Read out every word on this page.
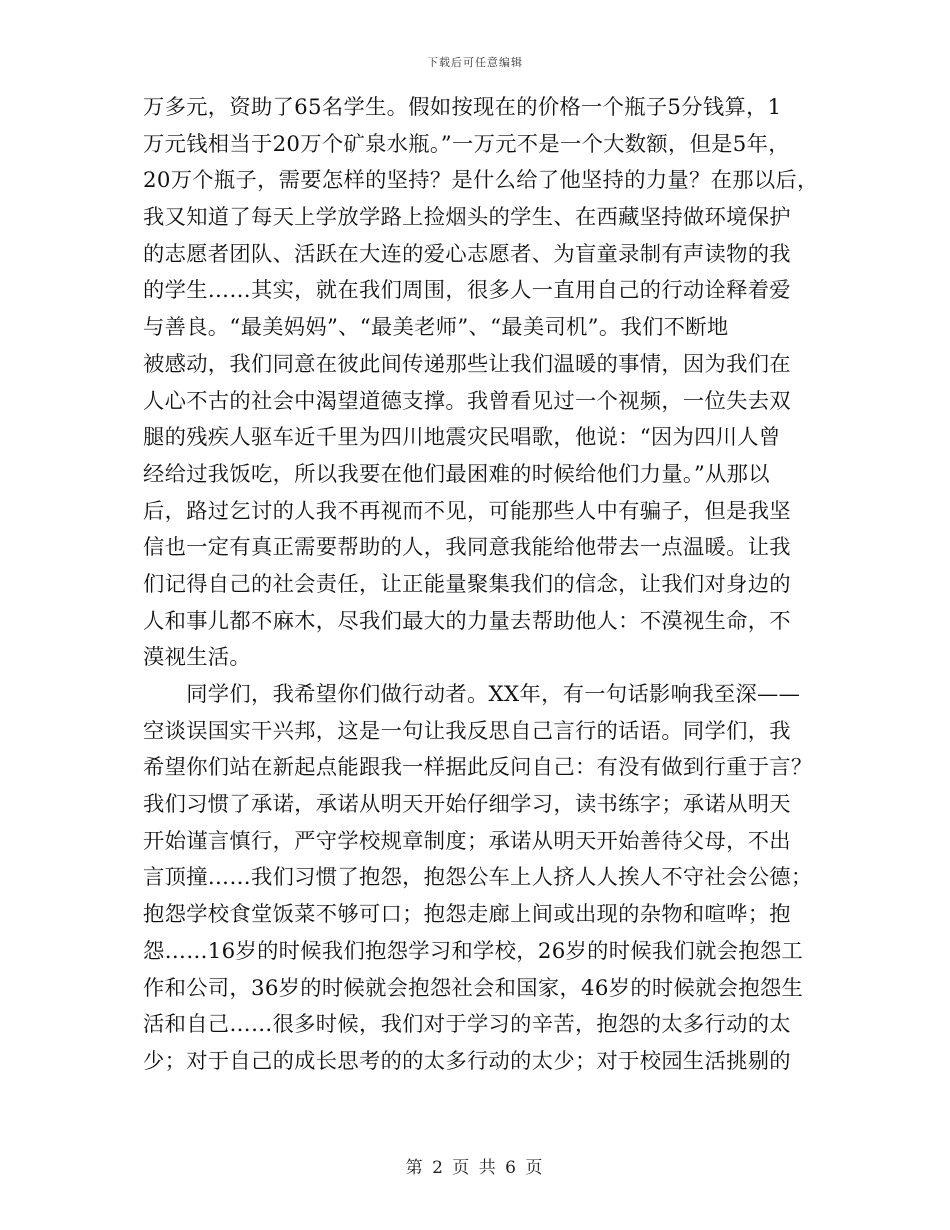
下载后可任意编辑
万多元，资助了65名学生。假如按现在的价格一个瓶子5分钱算，1
万元钱相当于20万个矿泉水瓶。”一万元不是一个大数额，但是5年，
20万个瓶子，需要怎样的坚持？是什么给了他坚持的力量？在那以后，
我又知道了每天上学放学路上捡烟头的学生、在西藏坚持做环境保护
的志愿者团队、活跃在大连的爱心志愿者、为盲童录制有声读物的我
的学生……其实，就在我们周围，很多人一直用自己的行动诠释着爱
与善良。“最美妈妈”、“最美老师”、“最美司机”。我们不断地
被感动，我们同意在彼此间传递那些让我们温暖的事情，因为我们在
人心不古的社会中渴望道德支撑。我曾看见过一个视频，一位失去双
腿的残疾人驱车近千里为四川地震灾民唱歌，他说：“因为四川人曾
经给过我饭吃，所以我要在他们最困难的时候给他们力量。”从那以
后，路过乞讨的人我不再视而不见，可能那些人中有骗子，但是我坚
信也一定有真正需要帮助的人，我同意我能给他带去一点温暖。让我
们记得自己的社会责任，让正能量聚集我们的信念，让我们对身边的
人和事儿都不麻木，尽我们最大的力量去帮助他人：不漠视生命，不
漠视生活。
　　同学们，我希望你们做行动者。XX年，有一句话影响我至深——
空谈误国实干兴邦，这是一句让我反思自己言行的话语。同学们，我
希望你们站在新起点能跟我一样据此反问自己：有没有做到行重于言？
我们习惯了承诺，承诺从明天开始仔细学习，读书练字；承诺从明天
开始谨言慎行，严守学校规章制度；承诺从明天开始善待父母，不出
言顶撞……我们习惯了抱怨，抱怨公车上人挤人人挨人不守社会公德；
抱怨学校食堂饭菜不够可口；抱怨走廊上间或出现的杂物和喧哗；抱
怨……16岁的时候我们抱怨学习和学校，26岁的时候我们就会抱怨工
作和公司，36岁的时候就会抱怨社会和国家，46岁的时候就会抱怨生
活和自己……很多时候，我们对于学习的辛苦，抱怨的太多行动的太
少；对于自己的成长思考的的太多行动的太少；对于校园生活挑剔的
第 2 页 共 6 页
